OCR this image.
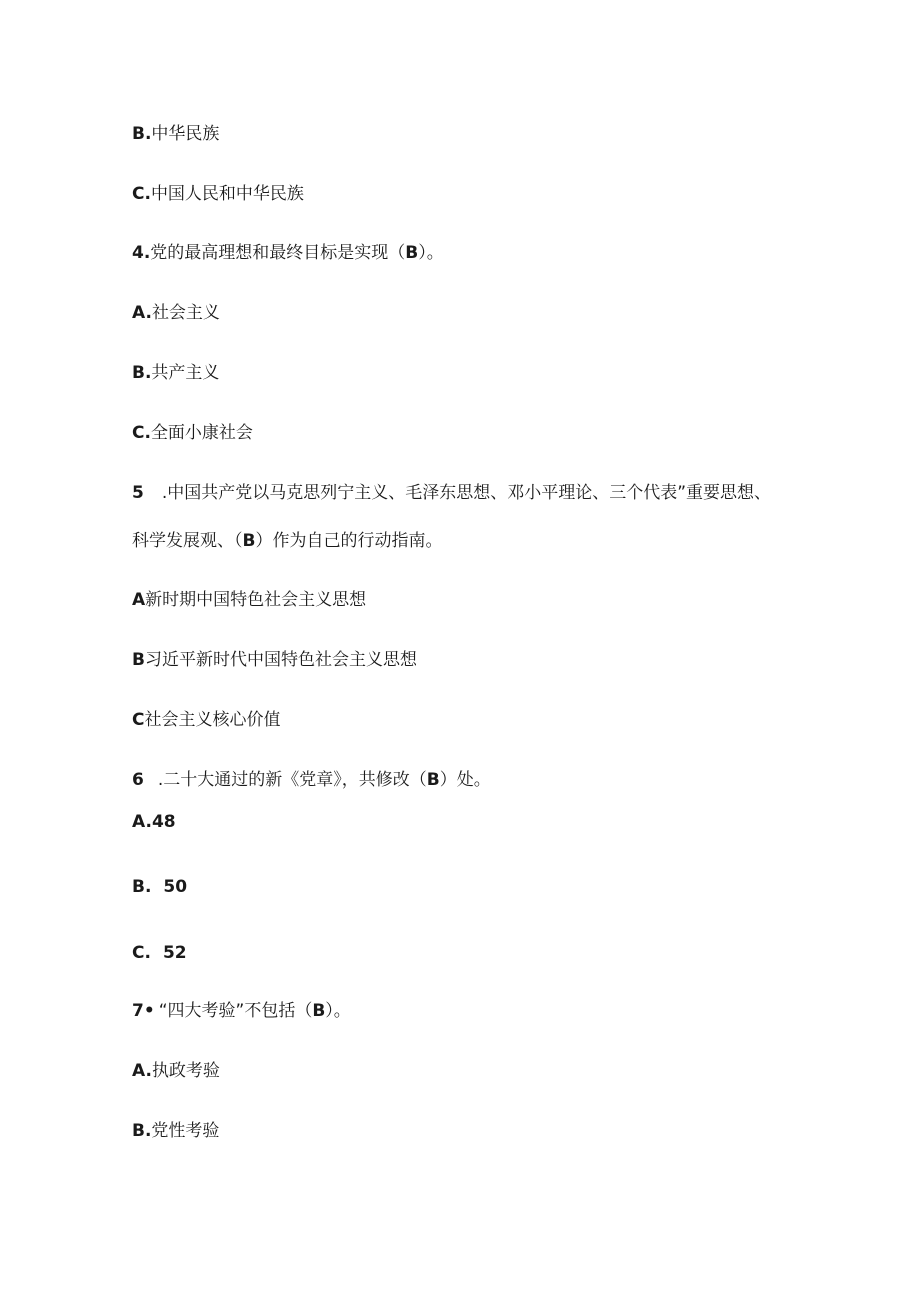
B.中华民族
C.中国人民和中华民族
4.党的最高理想和最终目标是实现（B）。
A.社会主义
B.共产主义
C.全面小康社会
5 .中国共产党以马克思列宁主义、毛泽东思想、邓小平理论、三个代表”重要思想、
科学发展观、（B）作为自己的行动指南。
A新时期中国特色社会主义思想
B习近平新时代中国特色社会主义思想
C社会主义核心价值
6 .二十大通过的新《党章》，共修改（B）处。
A.48
B. 50
C. 52
7• “四大考验”不包括（B）。
A.执政考验
B.党性考验
